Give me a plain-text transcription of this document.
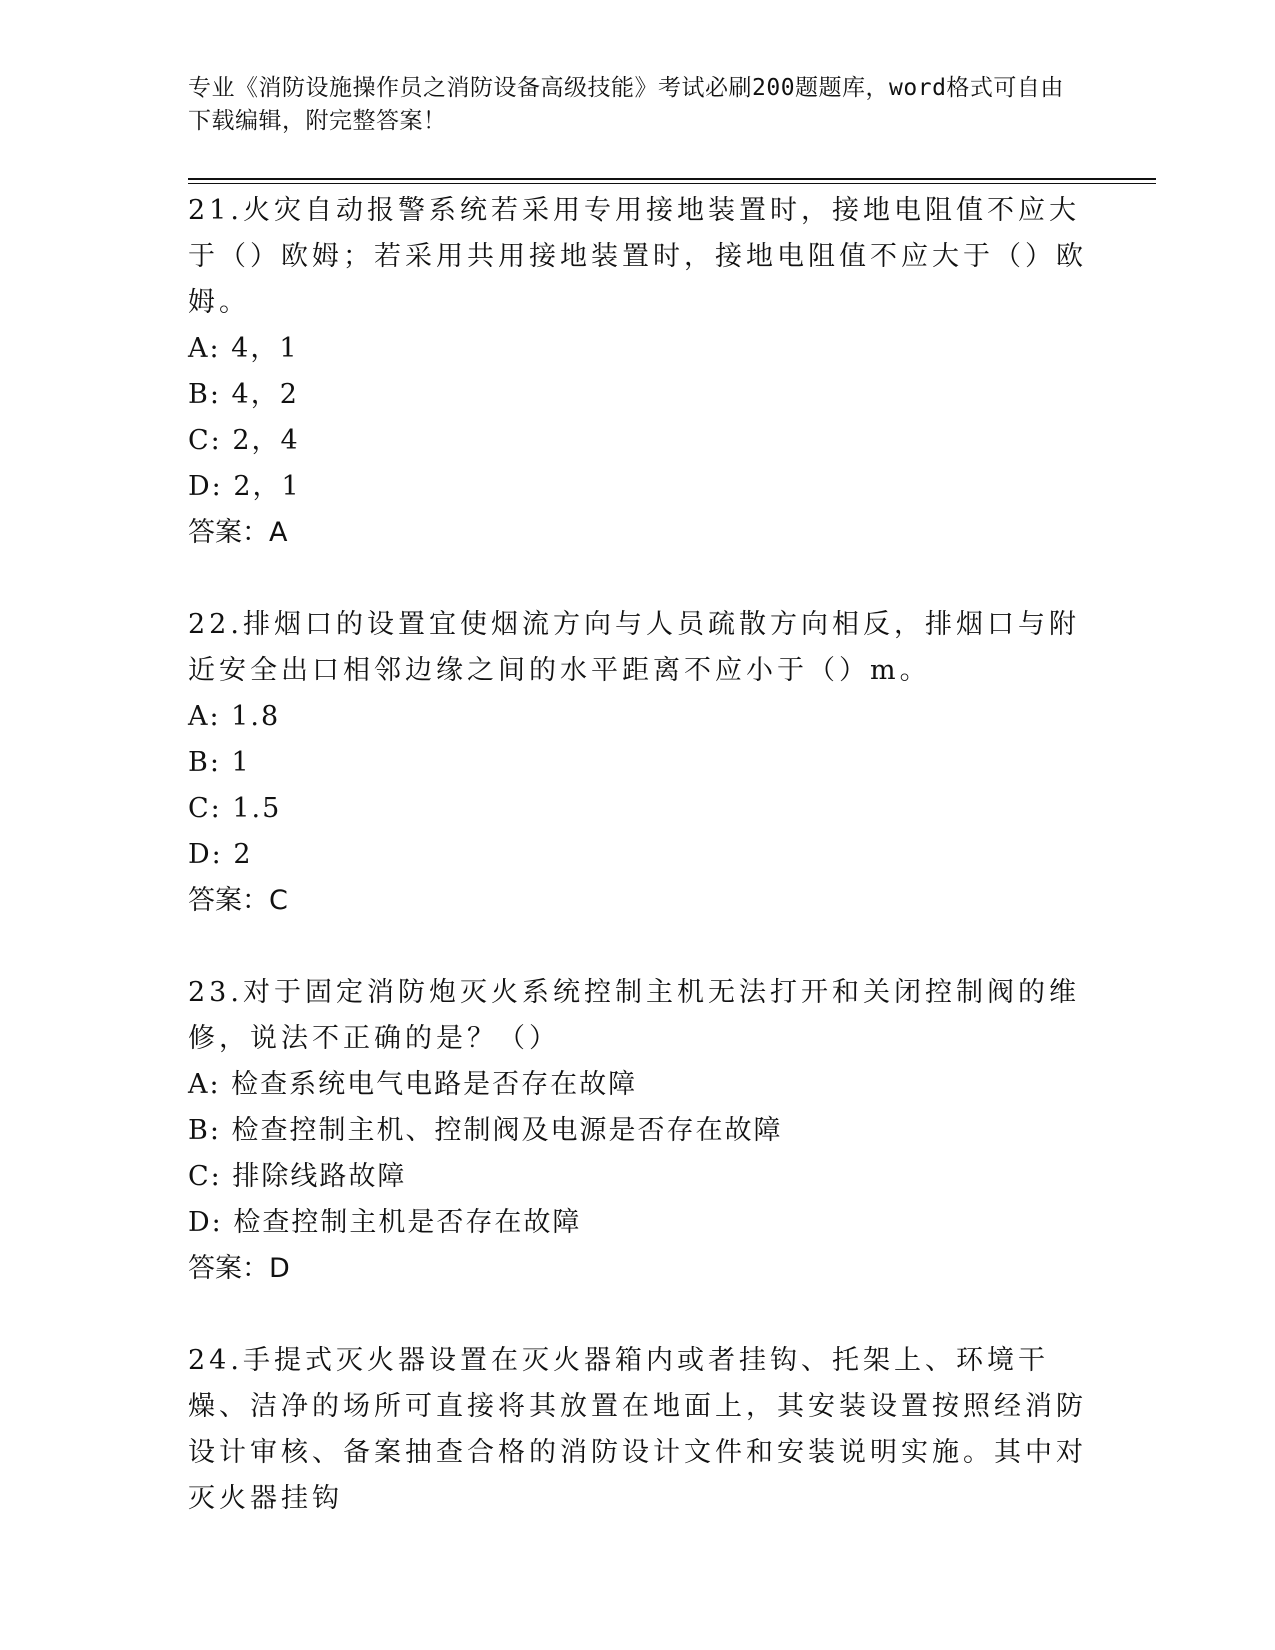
专业《消防设施操作员之消防设备高级技能》考试必刷200题题库，word格式可自由下载编辑，附完整答案！

21.火灾自动报警系统若采用专用接地装置时，接地电阻值不应大于（）欧姆；若采用共用接地装置时，接地电阻值不应大于（）欧姆。

A: 4，1

B: 4，2

C: 2，4

D: 2，1

答案：A

22.排烟口的设置宜使烟流方向与人员疏散方向相反，排烟口与附近安全出口相邻边缘之间的水平距离不应小于（）m。

A: 1.8

B: 1

C: 1.5

D: 2

答案：C

23.对于固定消防炮灭火系统控制主机无法打开和关闭控制阀的维修，说法不正确的是？（）

A: 检查系统电气电路是否存在故障

B: 检查控制主机、控制阀及电源是否存在故障

C: 排除线路故障

D: 检查控制主机是否存在故障

答案：D

24.手提式灭火器设置在灭火器箱内或者挂钩、托架上、环境干燥、洁净的场所可直接将其放置在地面上，其安装设置按照经消防设计审核、备案抽查合格的消防设计文件和安装说明实施。其中对灭火器挂钩
